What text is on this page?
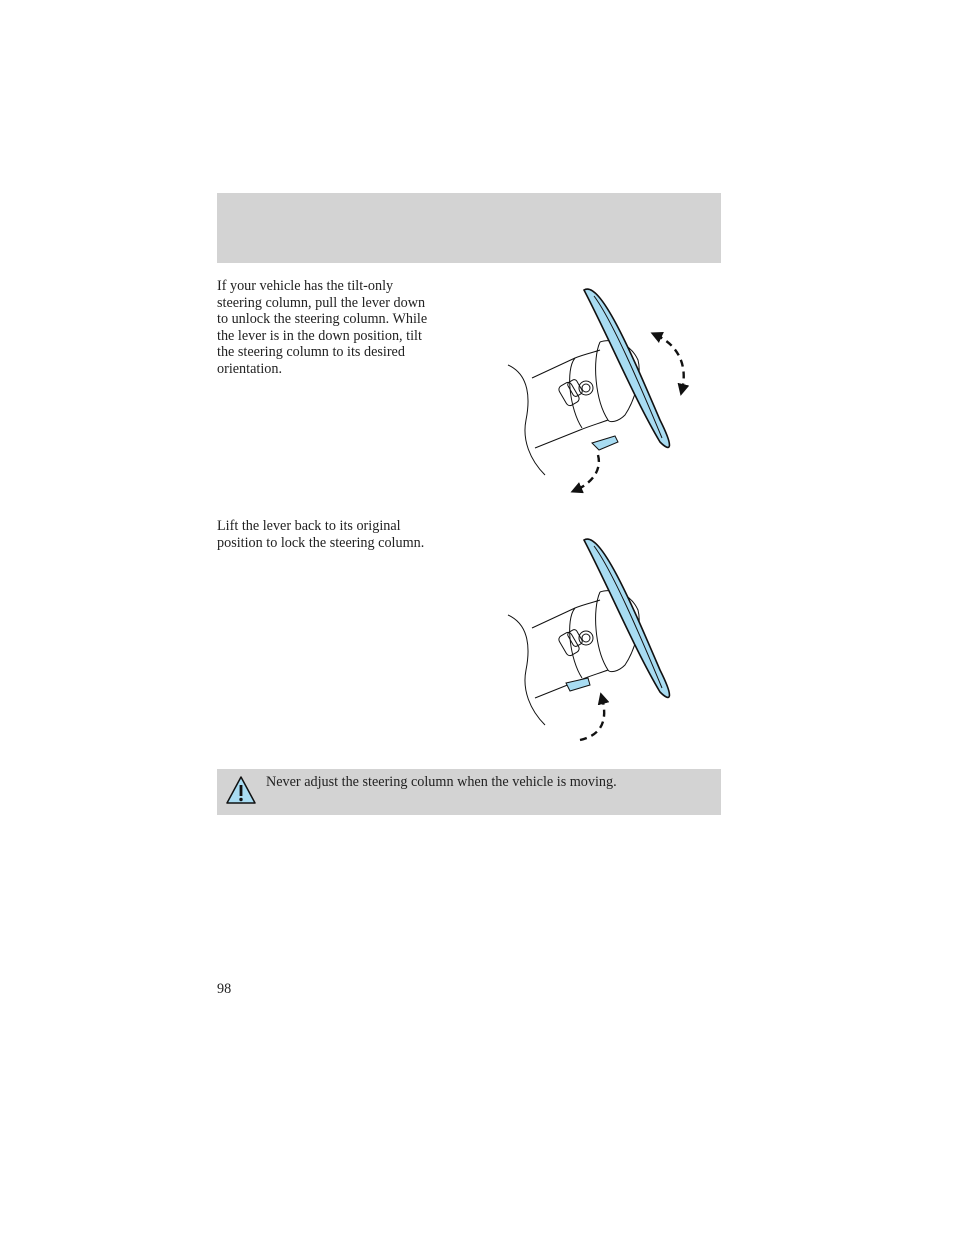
If your vehicle has the tilt-only
steering column, pull the lever down
to unlock the steering column. While
the lever is in the down position, tilt
the steering column to its desired
orientation.

Lift the lever back to its original
position to lock the steering column.

Never adjust the steering column when the vehicle is moving.
98
